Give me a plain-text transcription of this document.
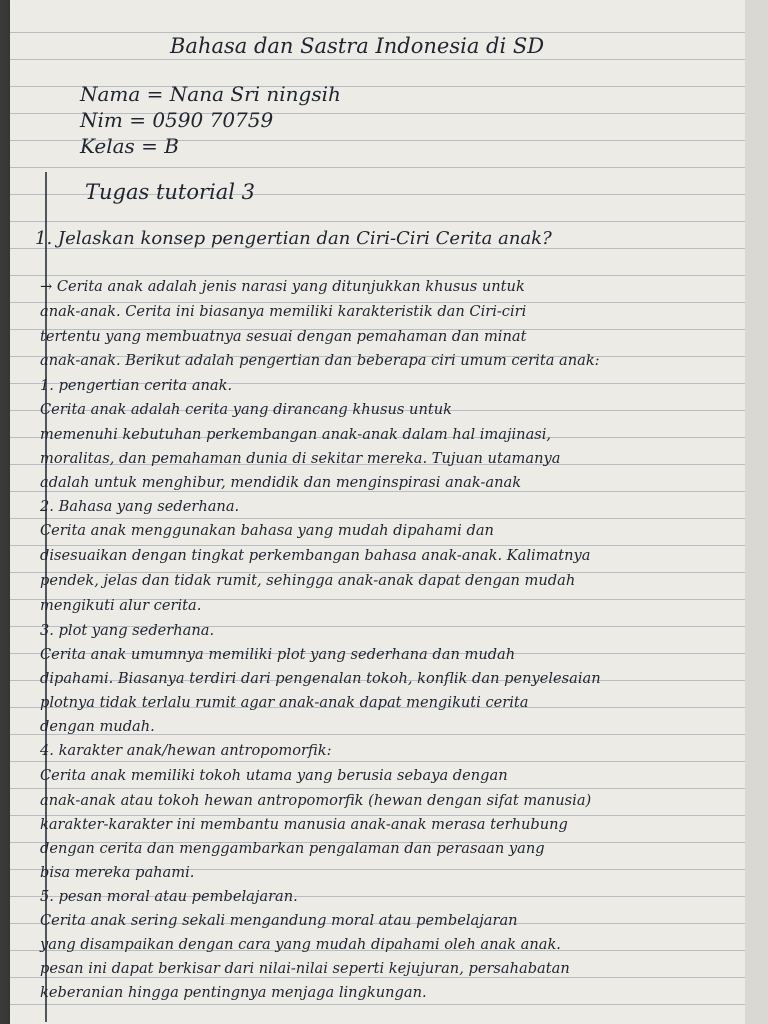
Bahasa dan Sastra Indonesia di SD
Nama = Nana Sri ningsih
Nim = 0590 70759
Kelas = B
Tugas tutorial 3
1. Jelaskan konsep pengertian dan Ciri-Ciri Cerita anak?
→ Cerita anak adalah jenis narasi yang ditunjukkan khusus untuk
anak-anak. Cerita ini biasanya memiliki karakteristik dan Ciri-ciri
tertentu yang membuatnya sesuai dengan pemahaman dan minat
anak-anak. Berikut adalah pengertian dan beberapa ciri umum cerita anak:
1. pengertian cerita anak.
Cerita anak adalah cerita yang dirancang khusus untuk
memenuhi kebutuhan perkembangan anak-anak dalam hal imajinasi,
moralitas, dan pemahaman dunia di sekitar mereka. Tujuan utamanya
adalah untuk menghibur, mendidik dan menginspirasi anak-anak
2. Bahasa yang sederhana.
Cerita anak menggunakan bahasa yang mudah dipahami dan
disesuaikan dengan tingkat perkembangan bahasa anak-anak. Kalimatnya
pendek, jelas dan tidak rumit, sehingga anak-anak dapat dengan mudah
mengikuti alur cerita.
3. plot yang sederhana.
Cerita anak umumnya memiliki plot yang sederhana dan mudah
dipahami. Biasanya terdiri dari pengenalan tokoh, konflik dan penyelesaian
plotnya tidak terlalu rumit agar anak-anak dapat mengikuti cerita
dengan mudah.
4. karakter anak/hewan antropomorfik:
Cerita anak memiliki tokoh utama yang berusia sebaya dengan
anak-anak atau tokoh hewan antropomorfik (hewan dengan sifat manusia)
karakter-karakter ini membantu manusia anak-anak merasa terhubung
dengan cerita dan menggambarkan pengalaman dan perasaan yang
bisa mereka pahami.
5. pesan moral atau pembelajaran.
Cerita anak sering sekali mengandung moral atau pembelajaran
yang disampaikan dengan cara yang mudah dipahami oleh anak anak.
pesan ini dapat berkisar dari nilai-nilai seperti kejujuran, persahabatan
keberanian hingga pentingnya menjaga lingkungan.
